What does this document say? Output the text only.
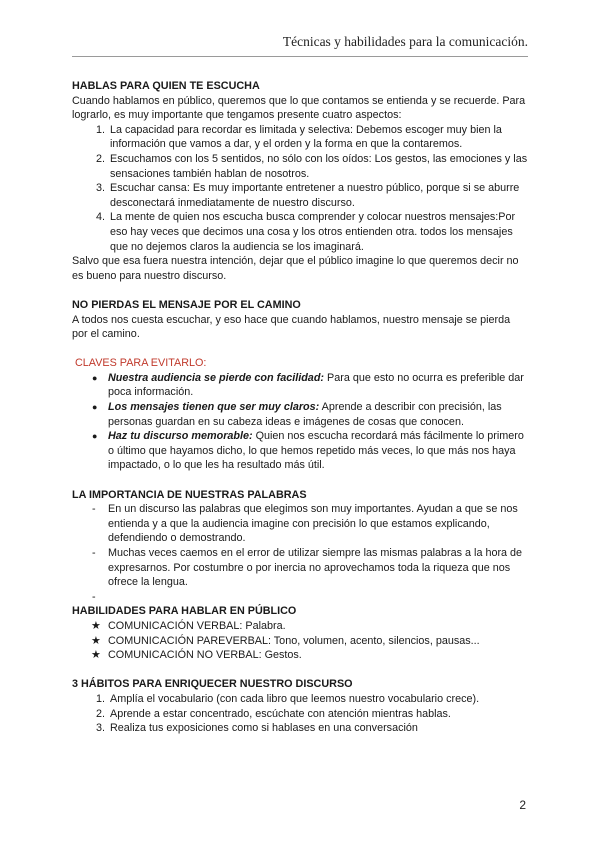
Técnicas y habilidades para la comunicación.

HABLAS PARA QUIEN TE ESCUCHA

Cuando hablamos en público, queremos que lo que contamos se entienda y se recuerde. Para lograrlo, es muy importante que tengamos presente cuatro aspectos:

1. La capacidad para recordar es limitada y selectiva: Debemos escoger muy bien la información que vamos a dar, y el orden y la forma en que la contaremos.
2. Escuchamos con los 5 sentidos, no sólo con los oídos: Los gestos, las emociones y las sensaciones también hablan de nosotros.
3. Escuchar cansa: Es muy importante entretener a nuestro público, porque si se aburre desconectará inmediatamente de nuestro discurso.
4. La mente de quien nos escucha busca comprender y colocar nuestros mensajes:Por eso hay veces que decimos una cosa y los otros entienden otra. todos los mensajes que no dejemos claros la audiencia se los imaginará.

Salvo que esa fuera nuestra intención, dejar que el público imagine lo que queremos decir no es bueno para nuestro discurso.

NO PIERDAS EL MENSAJE POR EL CAMINO

A todos nos cuesta escuchar, y eso hace que cuando hablamos, nuestro mensaje se pierda por el camino.

CLAVES PARA EVITARLO:

● Nuestra audiencia se pierde con facilidad: Para que esto no ocurra es preferible dar poca información.
● Los mensajes tienen que ser muy claros: Aprende a describir con precisión, las personas guardan en su cabeza ideas e imágenes de cosas que conocen.
● Haz tu discurso memorable: Quien nos escucha recordará más fácilmente lo primero o último que hayamos dicho, lo que hemos repetido más veces, lo que más nos haya impactado, o lo que les ha resultado más útil.

LA IMPORTANCIA DE NUESTRAS PALABRAS

- En un discurso las palabras que elegimos son muy importantes. Ayudan a que se nos entienda y a que la audiencia imagine con precisión lo que estamos explicando, defendiendo o demostrando.
- Muchas veces caemos en el error de utilizar siempre las mismas palabras a la hora de expresarnos. Por costumbre o por inercia no aprovechamos toda la riqueza que nos ofrece la lengua.
-

HABILIDADES PARA HABLAR EN PÚBLICO

★ COMUNICACIÓN VERBAL: Palabra.
★ COMUNICACIÓN PAREVERBAL: Tono, volumen, acento, silencios, pausas...
★ COMUNICACIÓN NO VERBAL: Gestos.

3 HÁBITOS PARA ENRIQUECER NUESTRO DISCURSO

1. Amplía el vocabulario (con cada libro que leemos nuestro vocabulario crece).
2. Aprende a estar concentrado, escúchate con atención mientras hablas.
3. Realiza tus exposiciones como si hablases en una conversación
2
